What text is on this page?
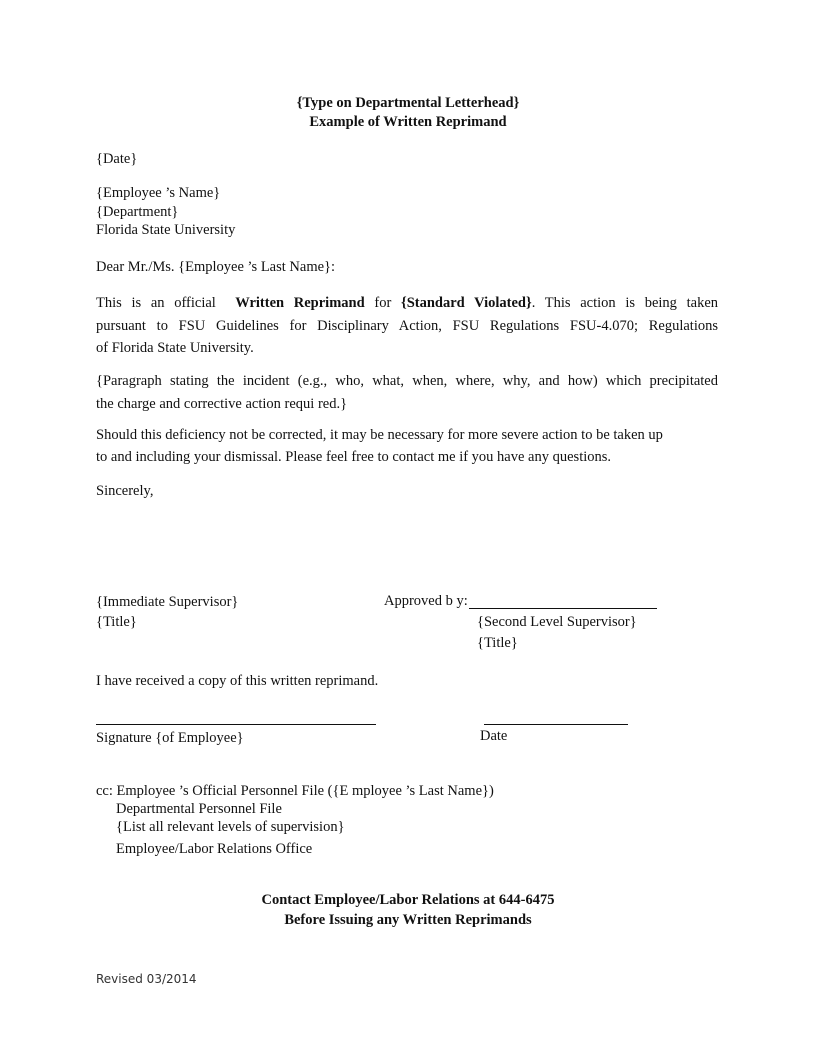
{Type on Departmental Letterhead}
Example of Written Reprimand
{Date}
{Employee ’s Name}
{Department}
Florida State University
Dear Mr./Ms. {Employee ’s Last Name}:
This is an official Written Reprimand for {Standard Violated}. This action is being taken
pursuant to FSU Guidelines for Disciplinary Action, FSU Regulations FSU-4.070; Regulations
of Florida State University.
{Paragraph stating the incident (e.g., who, what, when, where, why, and how) which precipitated
the charge and corrective action requi red.}
Should this deficiency not be corrected, it may be necessary for more severe action to be taken up
to and including your dismissal. Please feel free to contact me if you have any questions.
Sincerely,
{Immediate Supervisor}
{Title}
Approved b y:
{Second Level Supervisor}
{Title}
I have received a copy of this written reprimand.
Signature {of Employee}	Date
cc: Employee ’s Official Personnel File ({E mployee ’s Last Name})
Departmental Personnel File
{List all relevant levels of supervision}
Employee/Labor Relations Office
Contact Employee/Labor Relations at 644-6475
Before Issuing any Written Reprimands
Revised 03/2014
